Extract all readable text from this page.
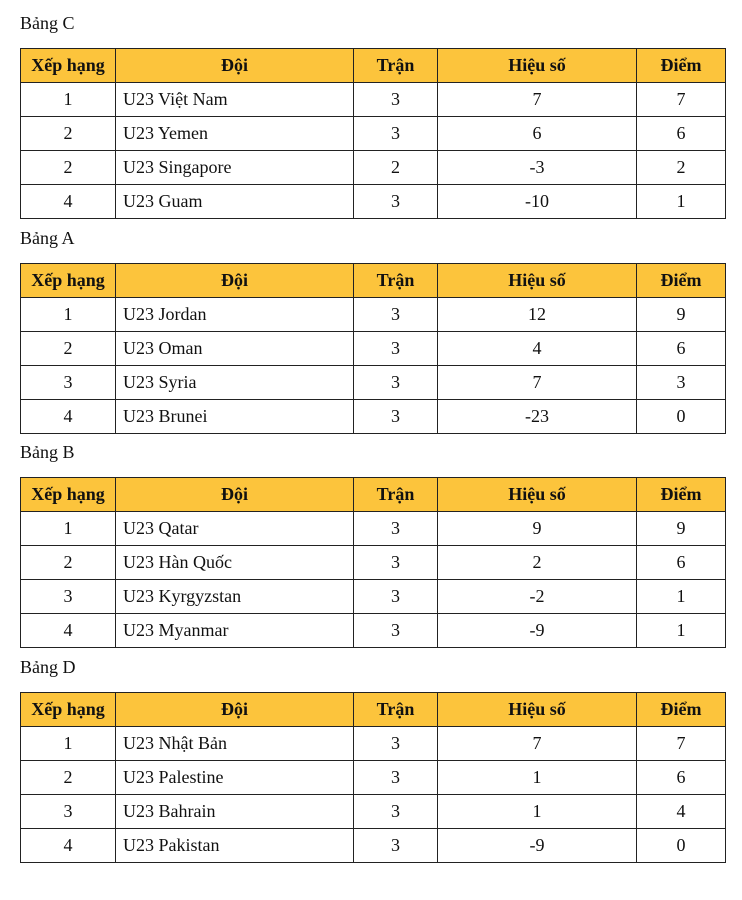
Bảng C
Xếp hạng	Đội	Trận	Hiệu số	Điểm
1	U23 Việt Nam	3	7	7
2	U23 Yemen	3	6	6
2	U23 Singapore	2	-3	2
4	U23 Guam	3	-10	1
Bảng A
Xếp hạng	Đội	Trận	Hiệu số	Điểm
1	U23 Jordan	3	12	9
2	U23 Oman	3	4	6
3	U23 Syria	3	7	3
4	U23 Brunei	3	-23	0
Bảng B
Xếp hạng	Đội	Trận	Hiệu số	Điểm
1	U23 Qatar	3	9	9
2	U23 Hàn Quốc	3	2	6
3	U23 Kyrgyzstan	3	-2	1
4	U23 Myanmar	3	-9	1
Bảng D
Xếp hạng	Đội	Trận	Hiệu số	Điểm
1	U23 Nhật Bản	3	7	7
2	U23 Palestine	3	1	6
3	U23 Bahrain	3	1	4
4	U23 Pakistan	3	-9	0
